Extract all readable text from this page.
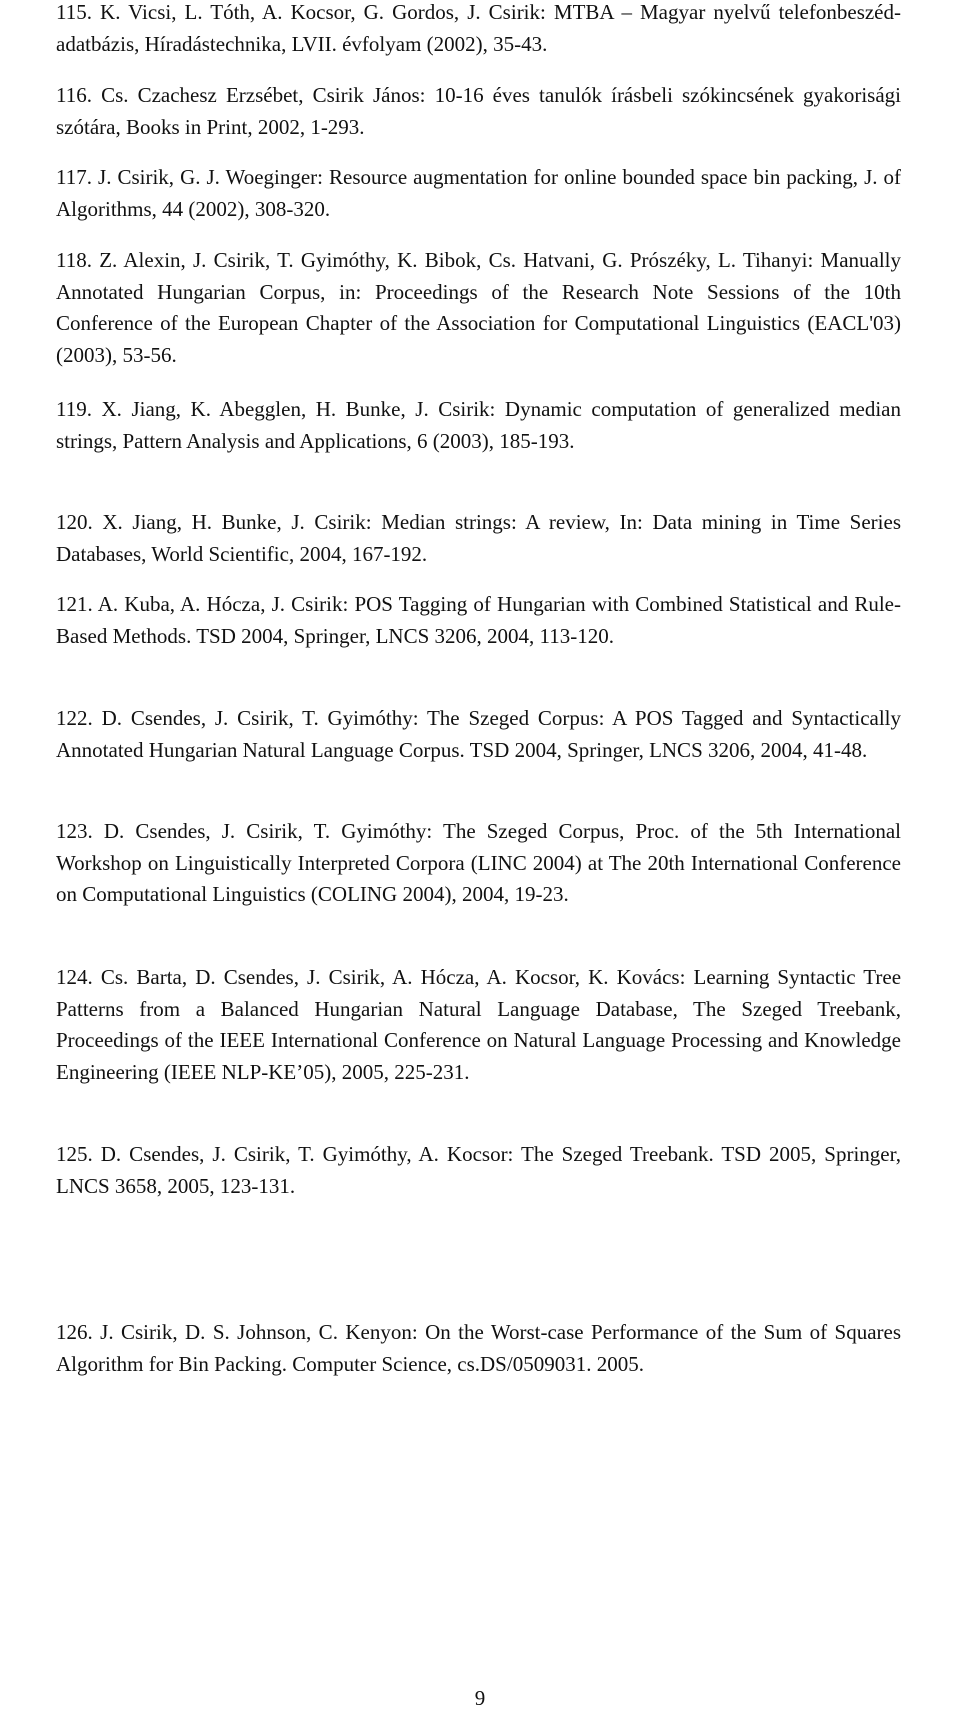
115. K. Vicsi, L. Tóth, A. Kocsor, G. Gordos, J. Csirik: MTBA – Magyar nyelvű telefonbeszéd-adatbázis, Híradástechnika, LVII. évfolyam (2002), 35-43.
116. Cs. Czachesz Erzsébet, Csirik János: 10-16 éves tanulók írásbeli szókincsének gyakorisági szótára, Books in Print, 2002, 1-293.
117. J. Csirik, G. J. Woeginger: Resource augmentation for online bounded space bin packing, J. of Algorithms, 44 (2002), 308-320.
118. Z. Alexin, J. Csirik, T. Gyimóthy, K. Bibok, Cs. Hatvani, G. Prószéky, L. Tihanyi: Manually Annotated Hungarian Corpus, in: Proceedings of the Research Note Sessions of the 10th Conference of the European Chapter of the Association for Computational Linguistics (EACL'03) (2003), 53-56.
119. X. Jiang, K. Abegglen, H. Bunke, J. Csirik: Dynamic computation of generalized median strings, Pattern Analysis and Applications, 6 (2003), 185-193.
120. X. Jiang, H. Bunke, J. Csirik: Median strings: A review, In: Data mining in Time Series Databases, World Scientific, 2004, 167-192.
121. A. Kuba, A. Hócza, J. Csirik: POS Tagging of Hungarian with Combined Statistical and Rule-Based Methods. TSD 2004, Springer, LNCS 3206, 2004, 113-120.
122. D. Csendes, J. Csirik, T. Gyimóthy: The Szeged Corpus: A POS Tagged and Syntactically Annotated Hungarian Natural Language Corpus. TSD 2004, Springer, LNCS 3206, 2004, 41-48.
123. D. Csendes, J. Csirik, T. Gyimóthy: The Szeged Corpus, Proc. of the 5th International Workshop on Linguistically Interpreted Corpora (LINC 2004) at The 20th International Conference on Computational Linguistics (COLING 2004), 2004, 19-23.
124. Cs. Barta, D. Csendes, J. Csirik, A. Hócza, A. Kocsor, K. Kovács: Learning Syntactic Tree Patterns from a Balanced Hungarian Natural Language Database, The Szeged Treebank, Proceedings of the IEEE International Conference on Natural Language Processing and Knowledge Engineering (IEEE NLP-KE’05), 2005, 225-231.
125. D. Csendes, J. Csirik, T. Gyimóthy, A. Kocsor: The Szeged Treebank. TSD 2005, Springer, LNCS 3658, 2005, 123-131.
126. J. Csirik, D. S. Johnson, C. Kenyon: On the Worst-case Performance of the Sum of Squares Algorithm for Bin Packing. Computer Science, cs.DS/0509031. 2005.
9
